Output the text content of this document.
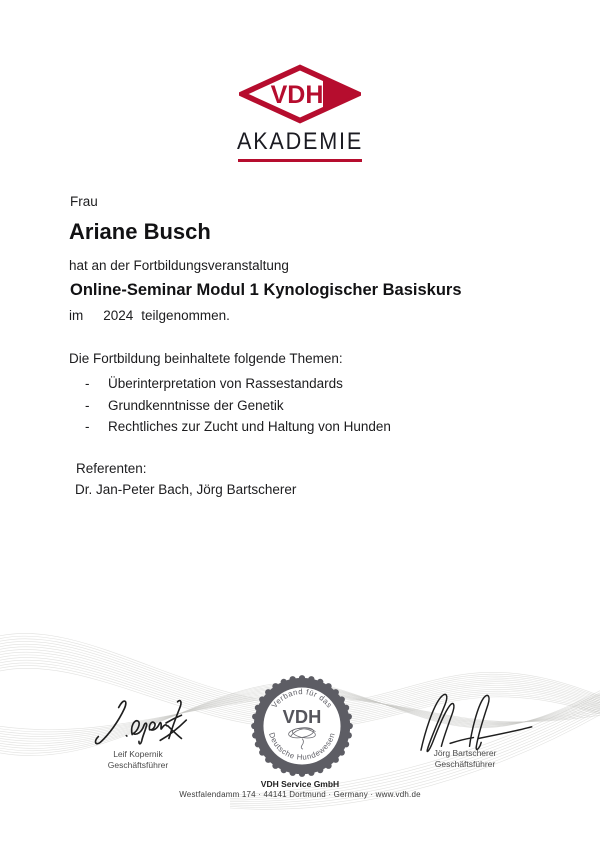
VDH
AKADEMIE
Frau
Ariane Busch
hat an der Fortbildungsveranstaltung
Online-Seminar Modul 1 Kynologischer Basiskurs
im 2024 teilgenommen.
Die Fortbildung beinhaltete folgende Themen:
-	Überinterpretation von Rassestandards
-	Grundkenntnisse der Genetik
-	Rechtliches zur Zucht und Haltung von Hunden
Referenten:
Dr. Jan-Peter Bach, Jörg Bartscherer
Leif Kopernik
Geschäftsführer
Verband für das
Deutsche Hundewesen
VDH
Jörg Bartscherer
Geschäftsführer
VDH Service GmbH
Westfalendamm 174 · 44141 Dortmund · Germany · www.vdh.de
